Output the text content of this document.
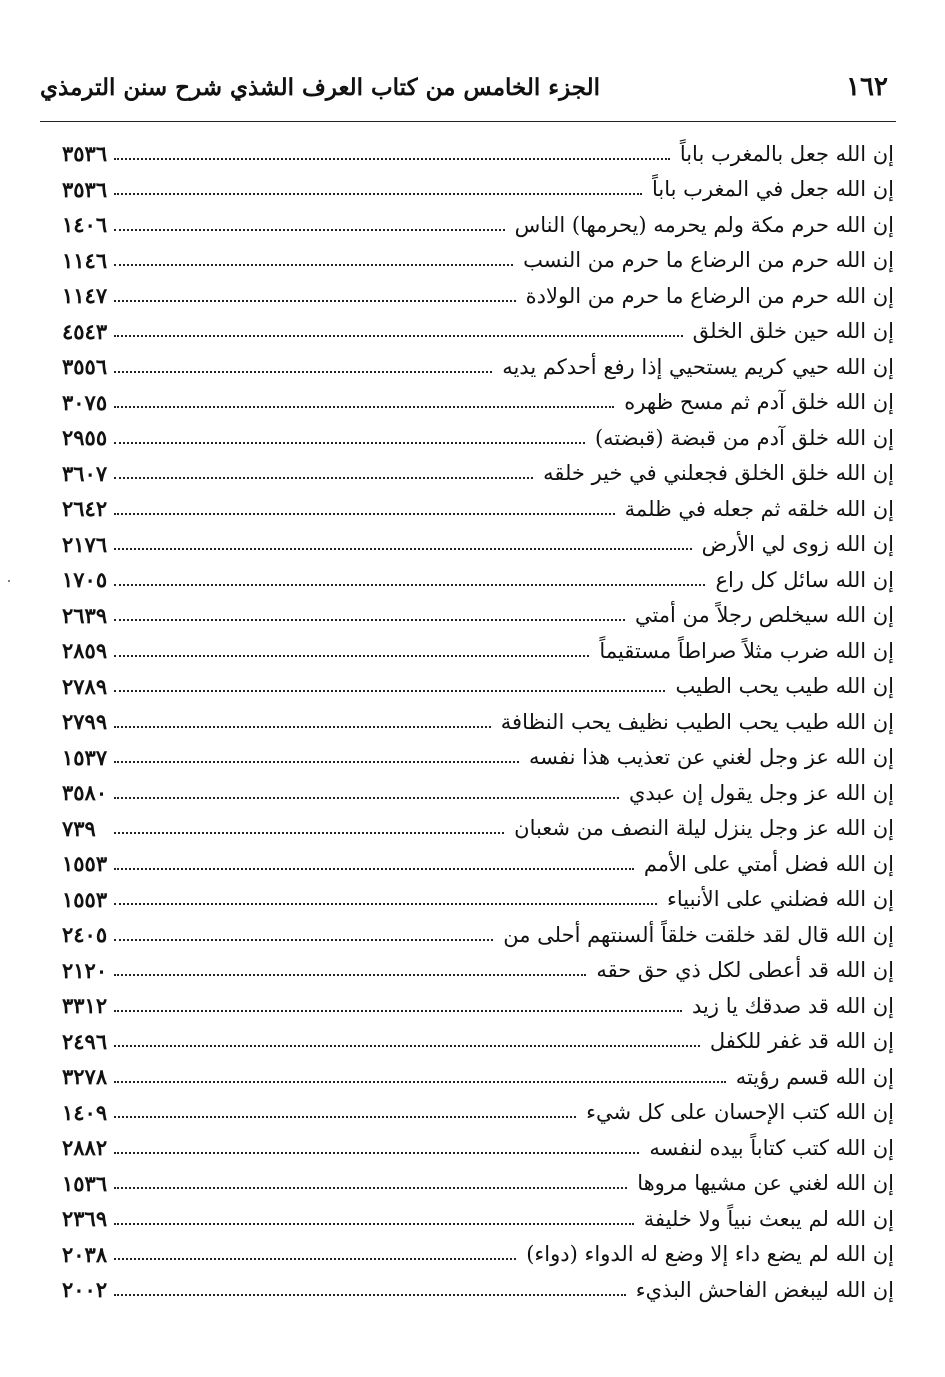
١٦٢
الجزء الخامس من كتاب العرف الشذي شرح سنن الترمذي
إن الله جعل بالمغرب باباً
٣٥٣٦
إن الله جعل في المغرب باباً
٣٥٣٦
إن الله حرم مكة ولم يحرمه (يحرمها) الناس
١٤٠٦
إن الله حرم من الرضاع ما حرم من النسب
١١٤٦
إن الله حرم من الرضاع ما حرم من الولادة
١١٤٧
إن الله حين خلق الخلق
٤٥٤٣
إن الله حيي كريم يستحيي إذا رفع أحدكم يديه
٣٥٥٦
إن الله خلق آدم ثم مسح ظهره
٣٠٧٥
إن الله خلق آدم من قبضة (قبضته)
٢٩٥٥
إن الله خلق الخلق فجعلني في خير خلقه
٣٦٠٧
إن الله خلقه ثم جعله في ظلمة
٢٦٤٢
إن الله زوى لي الأرض
٢١٧٦
إن الله سائل كل راع
١٧٠٥
إن الله سيخلص رجلاً من أمتي
٢٦٣٩
إن الله ضرب مثلاً صراطاً مستقيماً
٢٨٥٩
إن الله طيب يحب الطيب
٢٧٨٩
إن الله طيب يحب الطيب نظيف يحب النظافة
٢٧٩٩
إن الله عز وجل لغني عن تعذيب هذا نفسه
١٥٣٧
إن الله عز وجل يقول إن عبدي
٣٥٨٠
إن الله عز وجل ينزل ليلة النصف من شعبان
٧٣٩
إن الله فضل أمتي على الأمم
١٥٥٣
إن الله فضلني على الأنبياء
١٥٥٣
إن الله قال لقد خلقت خلقاً ألسنتهم أحلى من
٢٤٠٥
إن الله قد أعطى لكل ذي حق حقه
٢١٢٠
إن الله قد صدقك يا زيد
٣٣١٢
إن الله قد غفر للكفل
٢٤٩٦
إن الله قسم رؤيته
٣٢٧٨
إن الله كتب الإحسان على كل شيء
١٤٠٩
إن الله كتب كتاباً بيده لنفسه
٢٨٨٢
إن الله لغني عن مشيها مروها
١٥٣٦
إن الله لم يبعث نبياً ولا خليفة
٢٣٦٩
إن الله لم يضع داء إلا وضع له الدواء (دواء)
٢٠٣٨
إن الله ليبغض الفاحش البذيء
٢٠٠٢
